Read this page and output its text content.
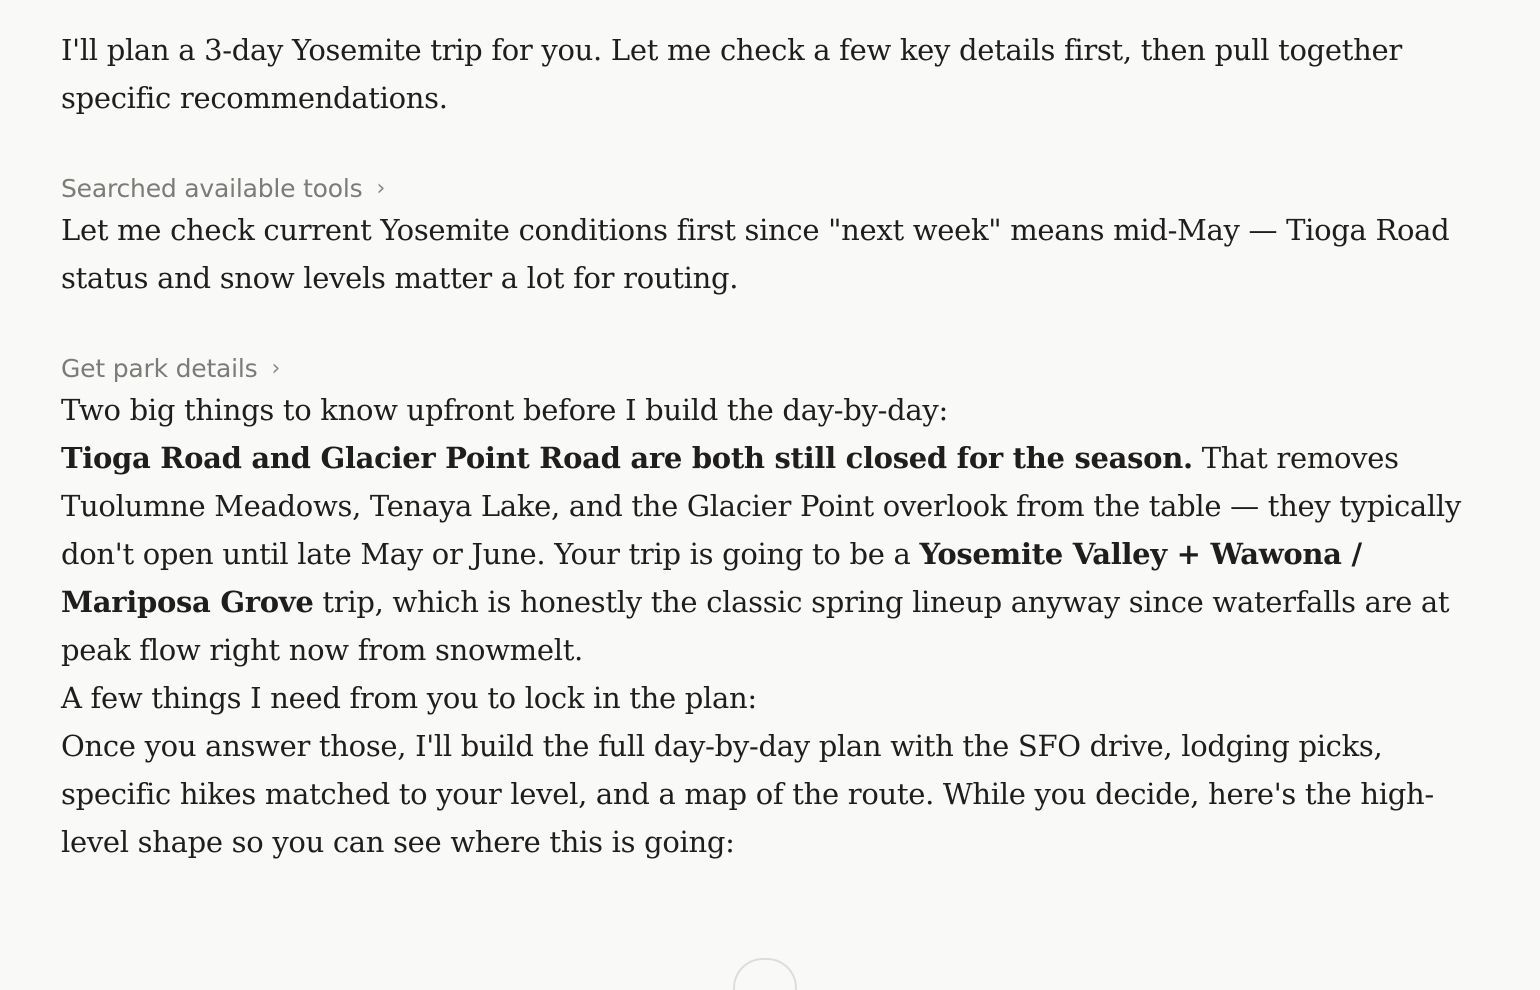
I'll plan a 3-day Yosemite trip for you. Let me check a few key details first, then pull together specific recommendations.

Searched available tools ›

Let me check current Yosemite conditions first since "next week" means mid-May — Tioga Road status and snow levels matter a lot for routing.

Get park details ›

Two big things to know upfront before I build the day-by-day:

Tioga Road and Glacier Point Road are both still closed for the season. That removes Tuolumne Meadows, Tenaya Lake, and the Glacier Point overlook from the table — they typically don't open until late May or June. Your trip is going to be a Yosemite Valley + Wawona / Mariposa Grove trip, which is honestly the classic spring lineup anyway since waterfalls are at peak flow right now from snowmelt.

A few things I need from you to lock in the plan:

Once you answer those, I'll build the full day-by-day plan with the SFO drive, lodging picks, specific hikes matched to your level, and a map of the route. While you decide, here's the high-level shape so you can see where this is going:
